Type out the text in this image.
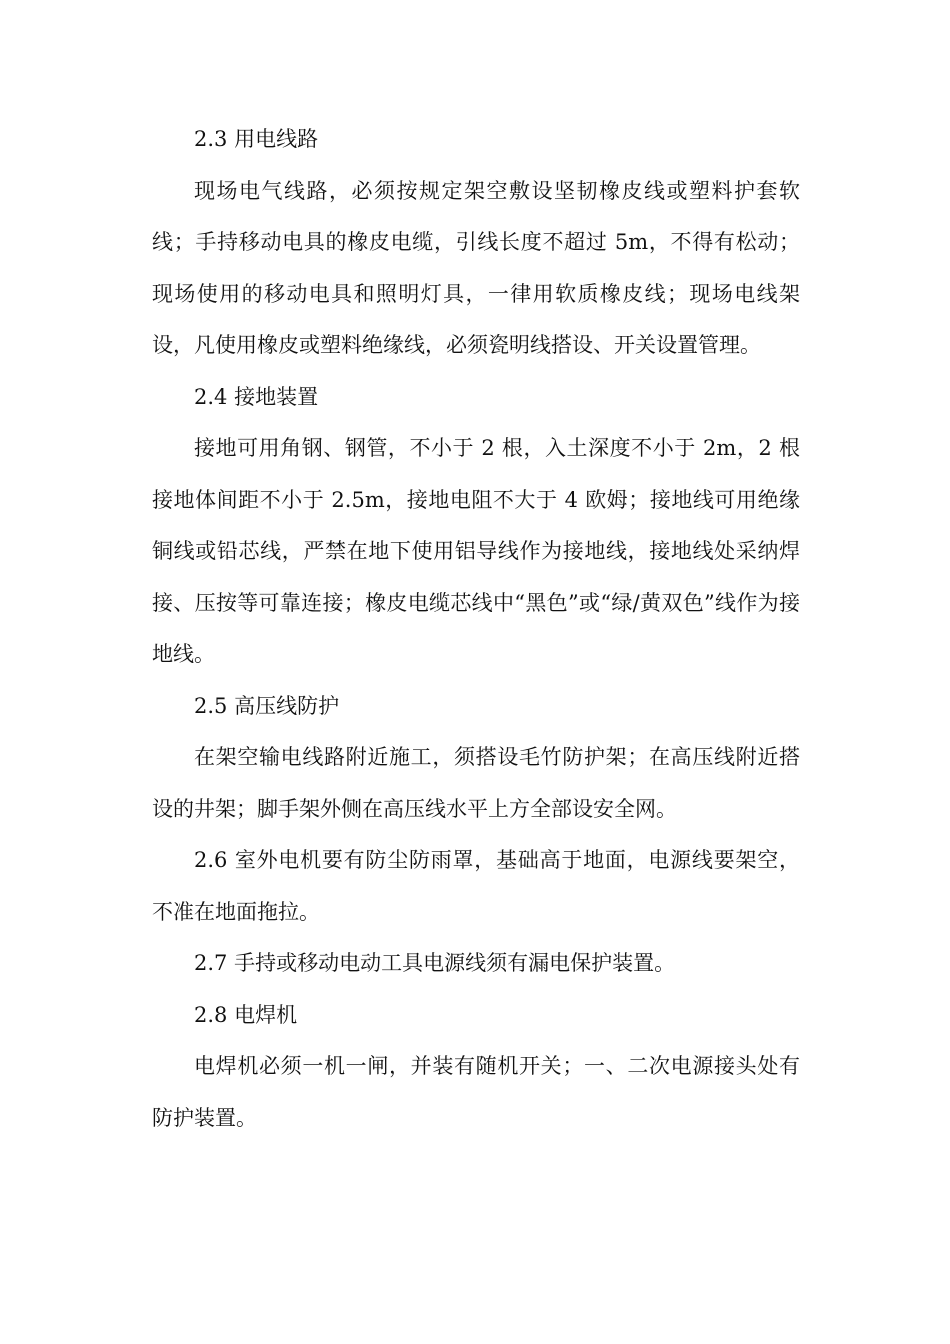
2.3 用电线路

现场电气线路，必须按规定架空敷设坚韧橡皮线或塑料护套软线；手持移动电具的橡皮电缆，引线长度不超过 5m，不得有松动；现场使用的移动电具和照明灯具，一律用软质橡皮线；现场电线架设，凡使用橡皮或塑料绝缘线，必须瓷明线搭设、开关设置管理。

2.4 接地装置

接地可用角钢、钢管，不小于 2 根，入土深度不小于 2m，2 根接地体间距不小于 2.5m，接地电阻不大于 4 欧姆；接地线可用绝缘铜线或铅芯线，严禁在地下使用铝导线作为接地线，接地线处采纳焊接、压按等可靠连接；橡皮电缆芯线中“黑色”或“绿/黄双色”线作为接地线。

2.5 高压线防护

在架空输电线路附近施工，须搭设毛竹防护架；在高压线附近搭设的井架；脚手架外侧在高压线水平上方全部设安全网。

2.6 室外电机要有防尘防雨罩，基础高于地面，电源线要架空，不准在地面拖拉。

2.7 手持或移动电动工具电源线须有漏电保护装置。

2.8 电焊机

电焊机必须一机一闸，并装有随机开关；一、二次电源接头处有防护装置。
